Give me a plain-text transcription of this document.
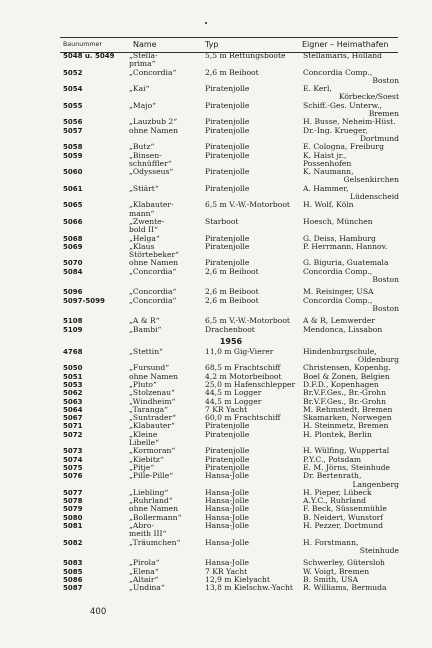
Baunummer	Name	Typ	Eigner – Heimathafen
5048 u. 5049	„Stella-
prima“
5,5 m Rettungsboote	Stellamaris, Holland
5052	„Concordia“	2,6 m Beiboot	Concordia Comp.,
Boston
5054	„Kai“	Piratenjolle	E. Kerl,
Körbecke/Soest
5055	„Majo“	Piratenjolle	Schiff.-Ges. Unterw.,
Bremen
5056	„Lauzbub 2“	Piratenjolle	H. Busse, Neheim-Hüst.
5057	ohne Namen	Piratenjolle	Dr.-Ing. Krueger,
Dortmund
5058	„Butz“	Piratenjolle	E. Cologna, Freiburg
5059	„Binsen-
schnüffler“
Piratenjolle	K. Haist jr.,
Possenhofen
5060	„Odysseus“	Piratenjolle	K. Naumann,
Gelsenkirchen
5061	„Stiärt“	Piratenjolle	A. Hammer,
Lüdenscheid
5065	„Klabauter-
mann“
6,5 m V.-W.-Motorboot	H. Wolf, Köln
5066	„Zwente-
bold II“
Starboot	Hoesch, München
5068	„Helga“	Piratenjolle	G. Deiss, Hamburg
5069	„Klaus
Störtebeker“
Piratenjolle	P. Herrmann, Hannov.
5070	ohne Namen	Piratenjolle	G. Biguria, Guatemala
5084	„Concordia“	2,6 m Beiboot	Concordia Comp.,
Boston
5096	„Concordia“	2,6 m Beiboot	M. Reisinger, USA
5097-5099	„Concordia“	2,6 m Beiboot	Concordia Comp.,
Boston
5108	„A & R“	6,5 m V.-W.-Motorboot	A & R, Lemwerder
5109	„Bambi“	Drachenboot	Mendonca, Lissabon
1956
4768	„Stettin“	11,0 m Gig-Vierer	Hindenburgschule,
Oldenburg
5050	„Fursund“	68,5 m Frachtschiff	Christensen, Kopenhg.
5051	ohne Namen	4,2 m Motorbeiboot	Boel & Zonen, Belgien
5053	„Pluto“	25,0 m Hafenschlepper	D.F.D., Kopenhagen
5062	„Stolzenau“	44,5 m Logger	Br.V.F.Ges., Br.-Grohn
5063	„Windheim“	44,5 m Logger	Br.V.F.Ges., Br.-Grohn
5064	„Taranga“	7 KR Yacht	M. Rehmstedt, Bremen
5067	„Suntrader“	60,0 m Frachtschiff	Skamarken, Norwegen
5071	„Klabauter“	Piratenjolle	H. Steinmetz, Bremen
5072	„Kleine
Libelle“
Piratenjolle	H. Plontek, Berlin
5073	„Kormoran“	Piratenjolle	H. Wülfing, Wuppertal
5074	„Kiebitz“	Piratenjolle	P.Y.C., Potsdam
5075	„Pitje“	Piratenjolle	E. M. Jörns, Steinhude
5076	„Pille-Pille“	Hansa-Jolle	Dr. Bertenrath,
Langenberg
5077	„Liebling“	Hansa-Jolle	H. Pieper, Lübeck
5078	„Ruhrland“	Hansa-Jolle	A.Y.C., Ruhrland
5079	ohne Namen	Hansa-Jolle	F. Beck, Süssenmühle
5080	„Bollermann“	Hansa-Jolle	B. Neidert, Wunstorf
5081	„Abro-
meith III“
Hansa-Jolle	H. Pezzer, Dortmund
5082	„Träumchen“	Hansa-Jolle	H. Forstmann,
Steinhude
5083	„Pirola“	Hansa-Jolle	Schwerley, Gütersloh
5085	„Elena“	7 KR Yacht	W. Voigt, Bremen
5086	„Altair“	12,9 m Kielyacht	B. Smith, USA
5087	„Undina“	13,8 m Kielschw.-Yacht	R. Williams, Bermuda
400
